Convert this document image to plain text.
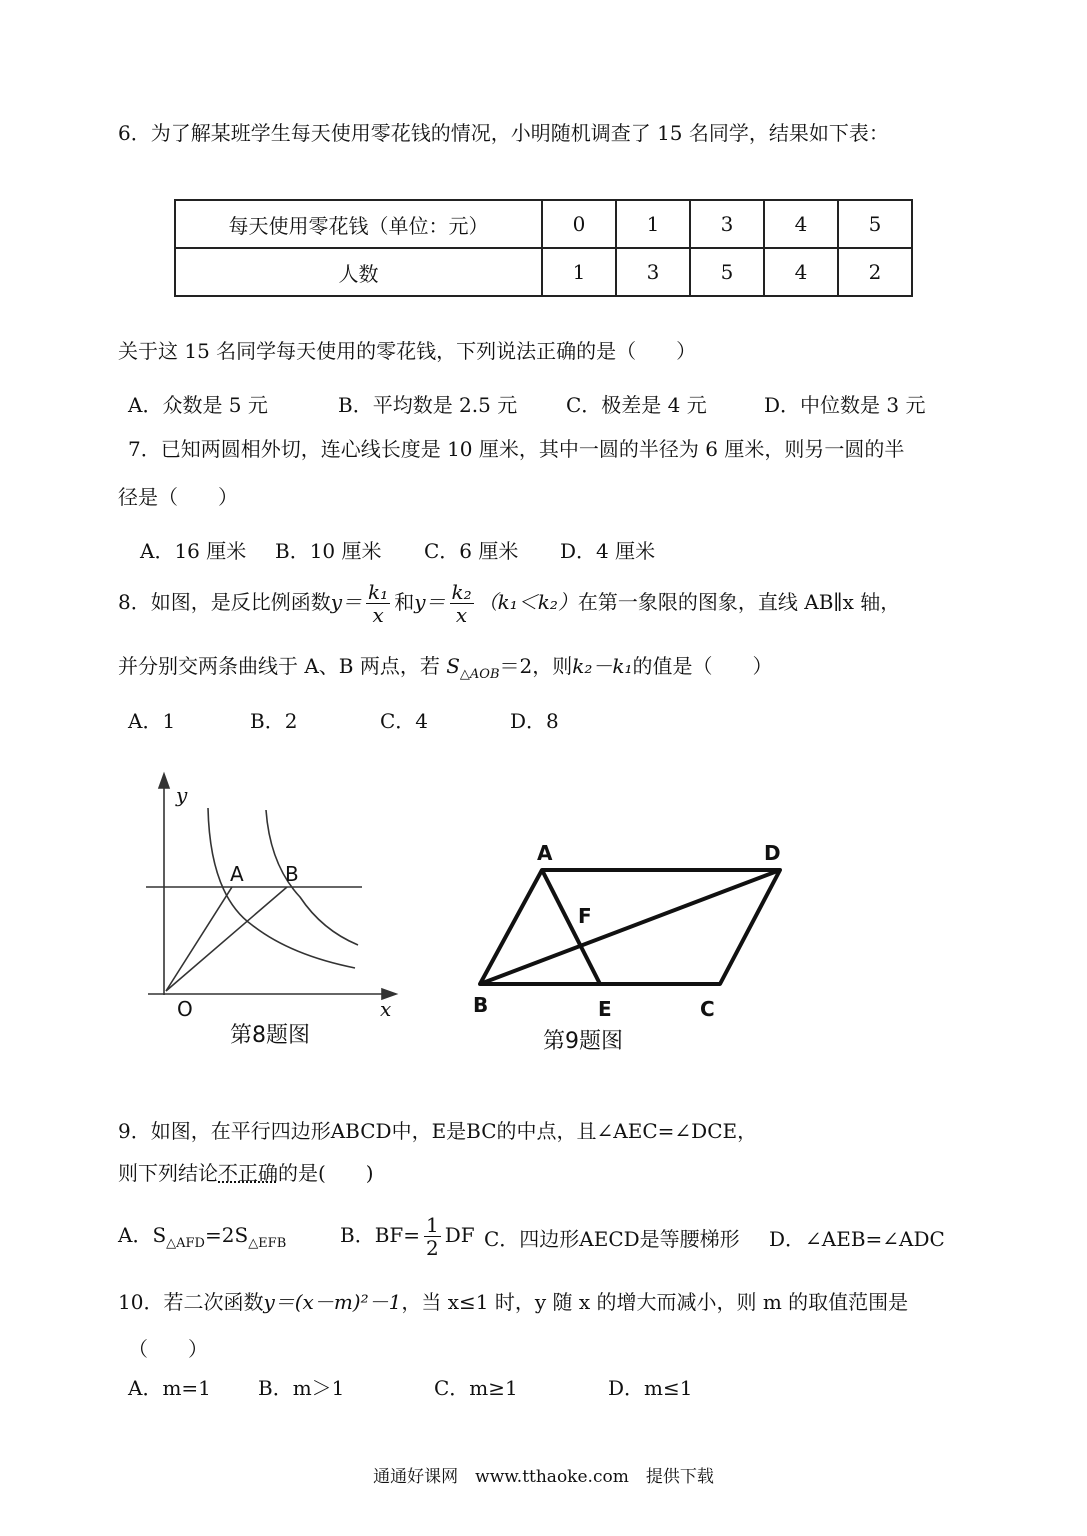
6．为了解某班学生每天使用零花钱的情况，小明随机调查了 15 名同学，结果如下表：
每天使用零花钱（单位：元）	0	1	3	4	5
人数	1	3	5	4	2
关于这 15 名同学每天使用的零花钱，下列说法正确的是（　　）
A．众数是 5 元	B．平均数是 2.5 元 C．极差是 4 元	D．中位数是 3 元
7．已知两圆相外切，连心线长度是 10 厘米，其中一圆的半径为 6 厘米，则另一圆的半
径是（　　）
A．16 厘米 B．10 厘米 C．6 厘米 D．4 厘米
8．如图，是反比例函数$y= \frac{\text{k₁}}{x}$ 和$y= \frac{\text{k₂}}{x} (k_1<k_2)$在第一象限的图象，直线 AB∥x 轴，
并分别交两条曲线于 A、B 两点，若 $S_{\triangle AOB}=2$，则k₂－k₁的值是（　　）
A．1	B．2	C．4	D．8
y
x
O
A B
第8题图
A	D
F
B	E	C
第9题图
9．如图，在平行四边形ABCD中，E是BC的中点，且∠AEC=∠DCE，
则下列结论不正确的是(　　)
A．$S_{\triangle AFD}=2S_{\triangle EFB}$	B．$BF= \frac{1}{2}$ DF C．四边形AECD是等腰梯形 D．∠AEB=∠ADC
10．若二次函数y＝(x－m)²－1，当 x≤1 时，y 随 x 的增大而减小，则 m 的取值范围是
（　　）
A．m=1 B．m＞1	C．m≥1	D．m≤1
通通好课网　www.tthaoke.com　提供下载
